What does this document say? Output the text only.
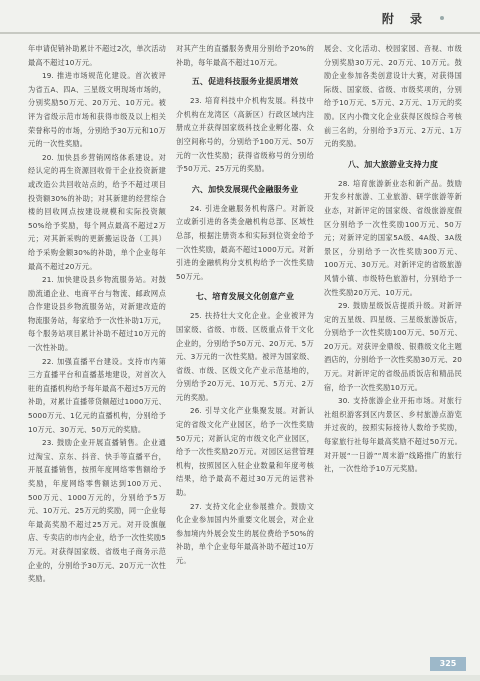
附 录

年申请促销补助累计不超过2次，单次活动最高不超过10万元。

19. 推进市场规范化建设。首次被评为省五A、四A、三星级文明现场市场的，分别奖励50万元、20万元、10万元。被评为省级示范市场和获得市级及以上相关荣誉称号的市场，分别给予30万元和10万元的一次性奖励。

20. 加快县乡营销网络体系建设。对经认定的再生资源回收骨干企业投资新建或改造公共回收站点的，给予不超过项目投资额30%的补助；对其新建的经营综合楼的回收网点按建设规模和实际投资额50%给予奖励，每个网点最高不超过2万元；对其新采购的更新搬运设备（工具）给予采购金额30%的补助，单个企业每年最高不超过20万元。

21. 加快建设县乡物流服务站。对鼓励流通企业、电商平台与物流、邮政网点合作建设县乡物流服务站，对新建改造的物流服务站，每家给予一次性补助1万元，每个服务站项目累计补助不超过10万元的一次性补助。

22. 加强直播平台建设。支持市内第三方直播平台和直播基地建设，对首次入驻的直播机构给予每年最高不超过5万元的补助，对累计直播带货额超过1000万元、5000万元、1亿元的直播机构，分别给予10万元、30万元、50万元的奖励。

23. 鼓励企业开展直播销售。企业通过淘宝、京东、抖音、快手等直播平台，开展直播销售，按照年度网络零售额给予奖励，年度网络零售额达到100万元、500万元、1000万元的，分别给予5万元、10万元、25万元的奖励，同一企业每年最高奖励不超过25万元。对开设旗舰店、专卖店的市内企业，给予一次性奖励5万元。对获得国家级、省级电子商务示范企业的，分别给予30万元、20万元一次性奖励。

对其产生的直播服务费用分别给予20%的补助，每年最高不超过10万元。

五、促进科技服务业提质增效

23. 培育科技中介机构发展。科技中介机构在龙湾区（高新区）行政区域内注册成立并获得国家级科技企业孵化器、众创空间称号的，分别给予100万元、50万元的一次性奖励；获得省级称号的分别给予50万元、25万元的奖励。

六、加快发展现代金融服务业

24. 引进金融服务机构落户。对新设立或新引进的各类金融机构总部、区域性总部，根据注册资本和实际到位资金给予一次性奖励，最高不超过1000万元。对新引进的金融机构分支机构给予一次性奖励50万元。

七、培育发展文化创意产业

25. 扶持壮大文化企业。企业被评为国家级、省级、市级、区级重点骨干文化企业的，分别给予50万元、20万元、5万元、3万元的一次性奖励。被评为国家级、省级、市级、区级文化产业示范基地的，分别给予20万元、10万元、5万元、2万元的奖励。

26. 引导文化产业集聚发展。对新认定的省级文化产业园区，给予一次性奖励50万元；对新认定的市级文化产业园区，给予一次性奖励20万元。对园区运营管理机构，按照园区入驻企业数量和年度考核结果，给予最高不超过30万元的运营补助。

27. 支持文化企业参展推介。鼓励文化企业参加国内外重要文化展会，对企业参加境内外展会发生的展位费给予50%的补助，单个企业每年最高补助不超过10万元。

展会、文化活动、校园家园、音视、市级分别奖励30万元、20万元、10万元。鼓励企业参加各类创意设计大赛，对获得国际级、国家级、省级、市级奖项的，分别给予10万元、5万元、2万元、1万元的奖励。区内小微文化企业获得区级综合考核前三名的，分别给予3万元、2万元、1万元的奖励。

八、加大旅游业支持力度

28. 培育旅游新业态和新产品。鼓励开发乡村旅游、工业旅游、研学旅游等新业态，对新评定的国家级、省级旅游度假区分别给予一次性奖励100万元、50万元；对新评定的国家5A级、4A级、3A级景区，分别给予一次性奖励300万元、100万元、30万元。对新评定的省级旅游风情小镇、市级特色旅游村，分别给予一次性奖励20万元、10万元。

29. 鼓励星级饭店提质升级。对新评定的五星级、四星级、三星级旅游饭店，分别给予一次性奖励100万元、50万元、20万元。对获评金鼎级、银鼎级文化主题酒店的，分别给予一次性奖励30万元、20万元。对新评定的省级品质饭店和精品民宿，给予一次性奖励10万元。

30. 支持旅游企业开拓市场。对旅行社组织游客到区内景区、乡村旅游点游览并过夜的，按照实际接待人数给予奖励，每家旅行社每年最高奖励不超过50万元。对开展“一日游”“周末游”线路推广的旅行社，一次性给予10万元奖励。

325
